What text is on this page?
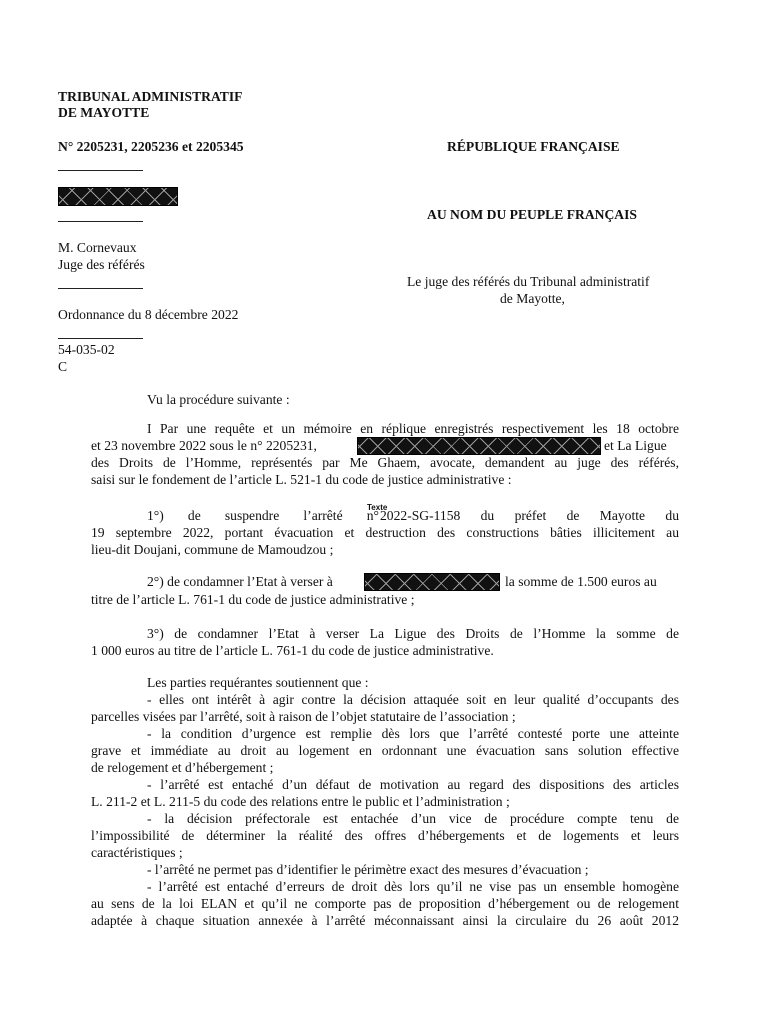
TRIBUNAL ADMINISTRATIF
DE MAYOTTE
N° 2205231, 2205236 et 2205345	RÉPUBLIQUE FRANÇAISE
AU NOM DU PEUPLE FRANÇAIS
M. Cornevaux
Juge des référés
Le juge des référés du Tribunal administratif
de Mayotte,
Ordonnance du 8 décembre 2022
54-035-02
C
Vu la procédure suivante :
I Par une requête et un mémoire en réplique enregistrés respectivement les 18 octobre
et 23 novembre 2022 sous le n° 2205231,	et La Ligue
des Droits de l’Homme, représentés par Me Ghaem, avocate, demandent au juge des référés,
saisi sur le fondement de l’article L. 521-1 du code de justice administrative :
1°) de suspendre l’arrêté n°
Texte
2022-SG-1158 du préfet de Mayotte du
19 septembre 2022, portant évacuation et destruction des constructions bâties illicitement au
lieu-dit Doujani, commune de Mamoudzou ;
2°) de condamner l’Etat à verser à	la somme de 1.500 euros au
titre de l’article L. 761-1 du code de justice administrative ;
3°) de condamner l’Etat à verser La Ligue des Droits de l’Homme la somme de
1 000 euros au titre de l’article L. 761-1 du code de justice administrative.
Les parties requérantes soutiennent que :
- elles ont intérêt à agir contre la décision attaquée soit en leur qualité d’occupants des
parcelles visées par l’arrêté, soit à raison de l’objet statutaire de l’association ;
- la condition d’urgence est remplie dès lors que l’arrêté contesté porte une atteinte
grave et immédiate au droit au logement en ordonnant une évacuation sans solution effective
de relogement et d’hébergement ;
- l’arrêté est entaché d’un défaut de motivation au regard des dispositions des articles
L. 211-2 et L. 211-5 du code des relations entre le public et l’administration ;
- la décision préfectorale est entachée d’un vice de procédure compte tenu de
l’impossibilité de déterminer la réalité des offres d’hébergements et de logements et leurs
caractéristiques ;
- l’arrêté ne permet pas d’identifier le périmètre exact des mesures d’évacuation ;
- l’arrêté est entaché d’erreurs de droit dès lors qu’il ne vise pas un ensemble homogène
au sens de la loi ELAN et qu’il ne comporte pas de proposition d’hébergement ou de relogement
adaptée à chaque situation annexée à l’arrêté méconnaissant ainsi la circulaire du 26 août 2012
